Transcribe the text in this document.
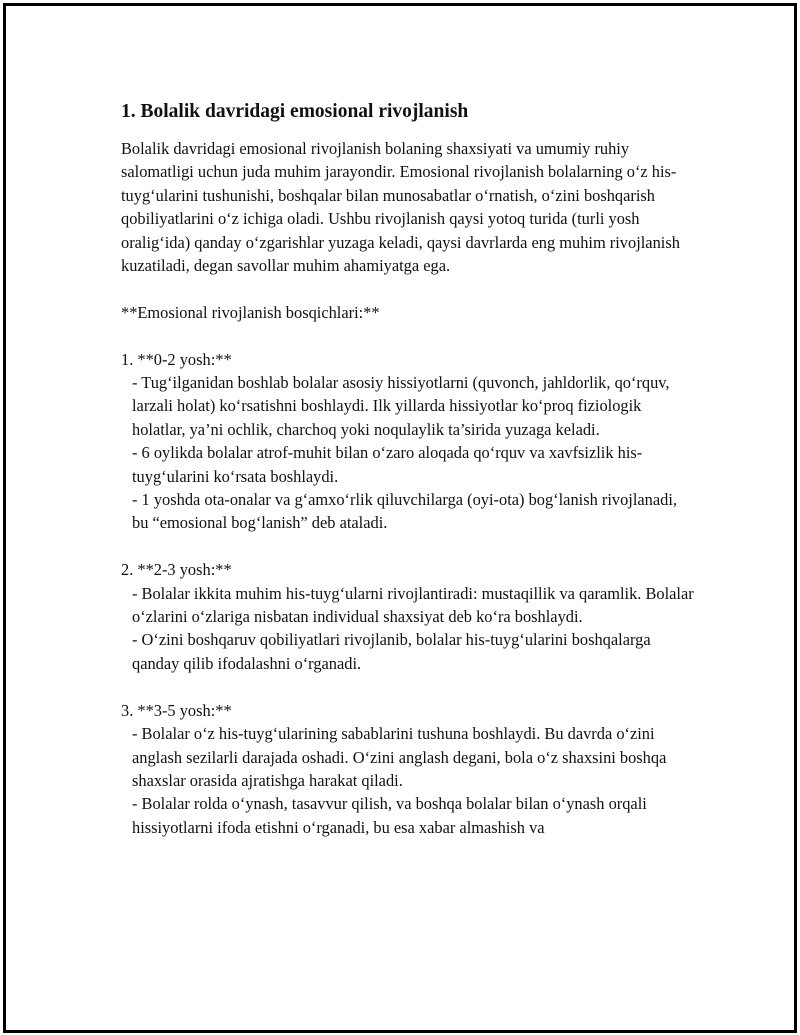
1. Bolalik davridagi emosional rivojlanish

Bolalik davridagi emosional rivojlanish bolaning shaxsiyati va umumiy ruhiy salomatligi uchun juda muhim jarayondir. Emosional rivojlanish bolalarning o‘z his-tuyg‘ularini tushunishi, boshqalar bilan munosabatlar o‘rnatish, o‘zini boshqarish qobiliyatlarini o‘z ichiga oladi. Ushbu rivojlanish qaysi yotoq turida (turli yosh oralig‘ida) qanday o‘zgarishlar yuzaga keladi, qaysi davrlarda eng muhim rivojlanish kuzatiladi, degan savollar muhim ahamiyatga ega.

**Emosional rivojlanish bosqichlari:**

1. **0-2 yosh:**

- Tug‘ilganidan boshlab bolalar asosiy hissiyotlarni (quvonch, jahldorlik, qo‘rquv, larzali holat) ko‘rsatishni boshlaydi. Ilk yillarda hissiyotlar ko‘proq fiziologik holatlar, ya’ni ochlik, charchoq yoki noqulaylik ta’sirida yuzaga keladi.

- 6 oylikda bolalar atrof-muhit bilan o‘zaro aloqada qo‘rquv va xavfsizlik his-tuyg‘ularini ko‘rsata boshlaydi.

- 1 yoshda ota-onalar va g‘amxo‘rlik qiluvchilarga (oyi-ota) bog‘lanish rivojlanadi, bu “emosional bog‘lanish” deb ataladi.

2. **2-3 yosh:**

- Bolalar ikkita muhim his-tuyg‘ularni rivojlantiradi: mustaqillik va qaramlik. Bolalar o‘zlarini o‘zlariga nisbatan individual shaxsiyat deb ko‘ra boshlaydi.

- O‘zini boshqaruv qobiliyatlari rivojlanib, bolalar his-tuyg‘ularini boshqalarga qanday qilib ifodalashni o‘rganadi.

3. **3-5 yosh:**

- Bolalar o‘z his-tuyg‘ularining sabablarini tushuna boshlaydi. Bu davrda o‘zini anglash sezilarli darajada oshadi. O‘zini anglash degani, bola o‘z shaxsini boshqa shaxslar orasida ajratishga harakat qiladi.

- Bolalar rolda o‘ynash, tasavvur qilish, va boshqa bolalar bilan o‘ynash orqali hissiyotlarni ifoda etishni o‘rganadi, bu esa xabar almashish va
